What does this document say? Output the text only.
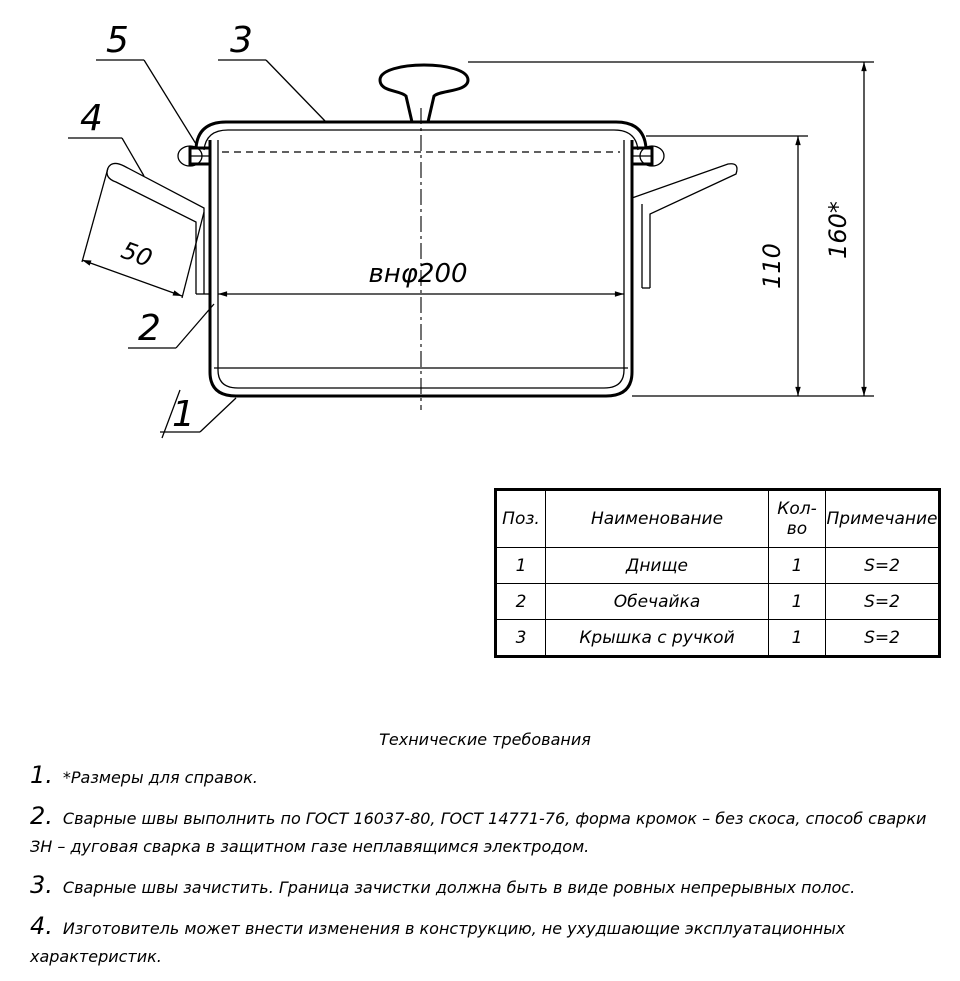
внφ200
50	110
160*
5	3
4
2
1
Поз.	Наименование	Кол-во	Примечание
1	Днище	1	S=2
2	Обечайка	1	S=2
3	Крышка с ручкой	1	S=2
Технические требования
1. *Размеры для справок.
2. Сварные швы выполнить по ГОСТ 16037-80, ГОСТ 14771-76, форма кромок – без скоса, способ сварки ЗН – дуговая сварка в защитном газе неплавящимся электродом.
3. Сварные швы зачистить. Граница зачистки должна быть в виде ровных непрерывных полос.
4. Изготовитель может внести изменения в конструкцию, не ухудшающие эксплуатационных характеристик.
